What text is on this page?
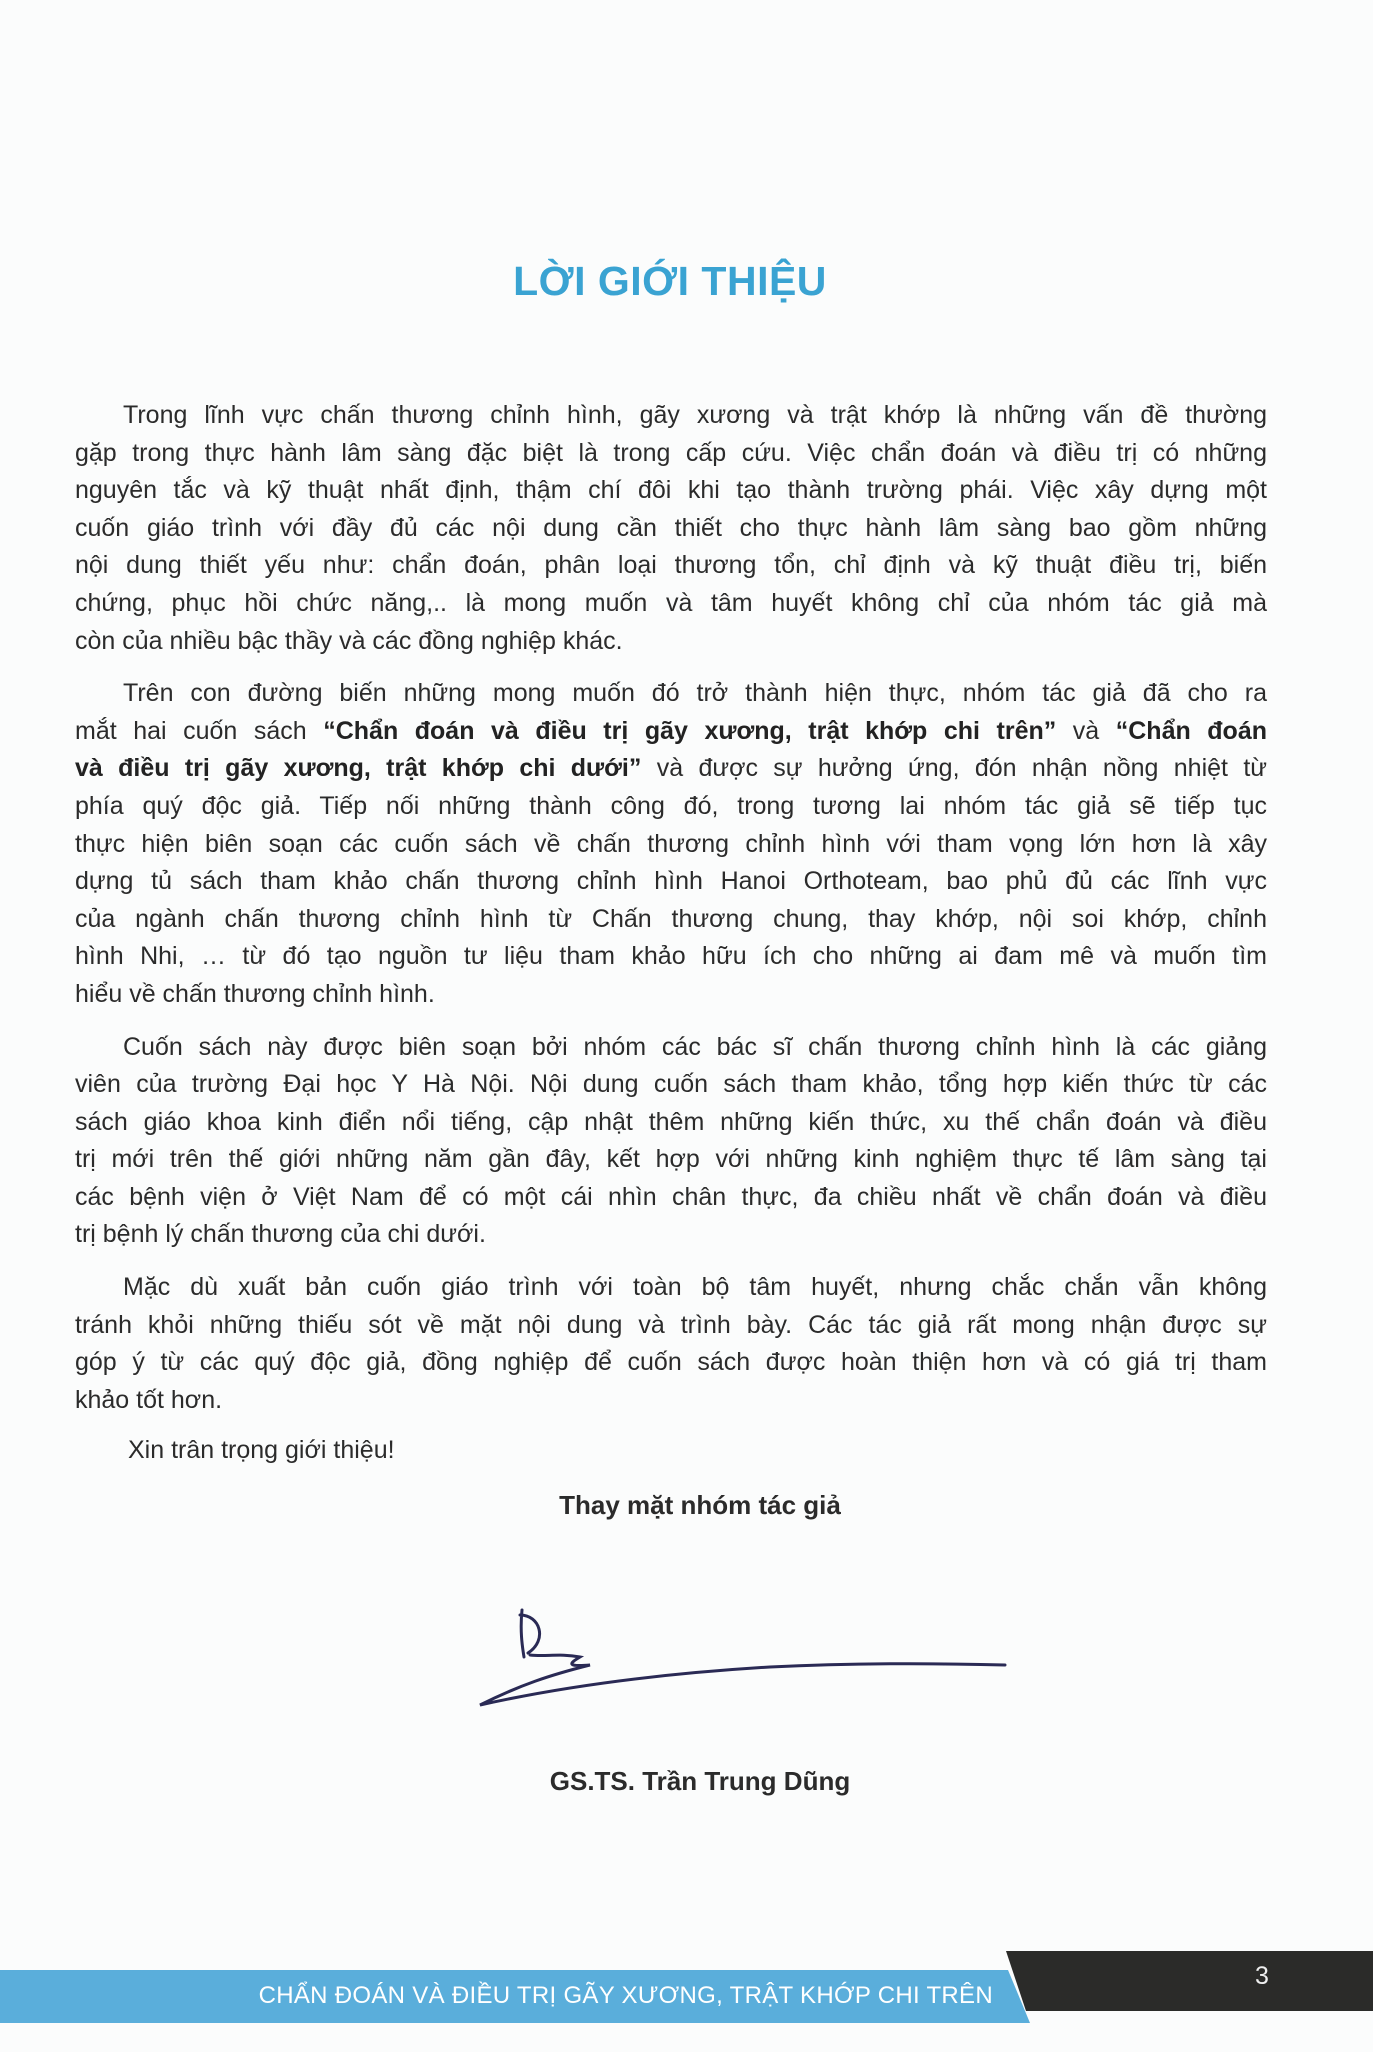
LỜI GIỚI THIỆU
Trong lĩnh vực chấn thương chỉnh hình, gãy xương và trật khớp là những vấn đề thường
gặp trong thực hành lâm sàng đặc biệt là trong cấp cứu. Việc chẩn đoán và điều trị có những
nguyên tắc và kỹ thuật nhất định, thậm chí đôi khi tạo thành trường phái. Việc xây dựng một
cuốn giáo trình với đầy đủ các nội dung cần thiết cho thực hành lâm sàng bao gồm những
nội dung thiết yếu như: chẩn đoán, phân loại thương tổn, chỉ định và kỹ thuật điều trị, biến
chứng, phục hồi chức năng,.. là mong muốn và tâm huyết không chỉ của nhóm tác giả mà
còn của nhiều bậc thầy và các đồng nghiệp khác.
Trên con đường biến những mong muốn đó trở thành hiện thực, nhóm tác giả đã cho ra
mắt hai cuốn sách “Chẩn đoán và điều trị gãy xương, trật khớp chi trên” và “Chẩn đoán
và điều trị gãy xương, trật khớp chi dưới” và được sự hưởng ứng, đón nhận nồng nhiệt từ
phía quý độc giả. Tiếp nối những thành công đó, trong tương lai nhóm tác giả sẽ tiếp tục
thực hiện biên soạn các cuốn sách về chấn thương chỉnh hình với tham vọng lớn hơn là xây
dựng tủ sách tham khảo chấn thương chỉnh hình Hanoi Orthoteam, bao phủ đủ các lĩnh vực
của ngành chấn thương chỉnh hình từ Chấn thương chung, thay khớp, nội soi khớp, chỉnh
hình Nhi, … từ đó tạo nguồn tư liệu tham khảo hữu ích cho những ai đam mê và muốn tìm
hiểu về chấn thương chỉnh hình.
Cuốn sách này được biên soạn bởi nhóm các bác sĩ chấn thương chỉnh hình là các giảng
viên của trường Đại học Y Hà Nội. Nội dung cuốn sách tham khảo, tổng hợp kiến thức từ các
sách giáo khoa kinh điển nổi tiếng, cập nhật thêm những kiến thức, xu thế chẩn đoán và điều
trị mới trên thế giới những năm gần đây, kết hợp với những kinh nghiệm thực tế lâm sàng tại
các bệnh viện ở Việt Nam để có một cái nhìn chân thực, đa chiều nhất về chẩn đoán và điều
trị bệnh lý chấn thương của chi dưới.
Mặc dù xuất bản cuốn giáo trình với toàn bộ tâm huyết, nhưng chắc chắn vẫn không
tránh khỏi những thiếu sót về mặt nội dung và trình bày. Các tác giả rất mong nhận được sự
góp ý từ các quý độc giả, đồng nghiệp để cuốn sách được hoàn thiện hơn và có giá trị tham
khảo tốt hơn.
Xin trân trọng giới thiệu!
Thay mặt nhóm tác giả
GS.TS. Trần Trung Dũng
CHẨN ĐOÁN VÀ ĐIỀU TRỊ GÃY XƯƠNG, TRẬT KHỚP CHI TRÊN
3
